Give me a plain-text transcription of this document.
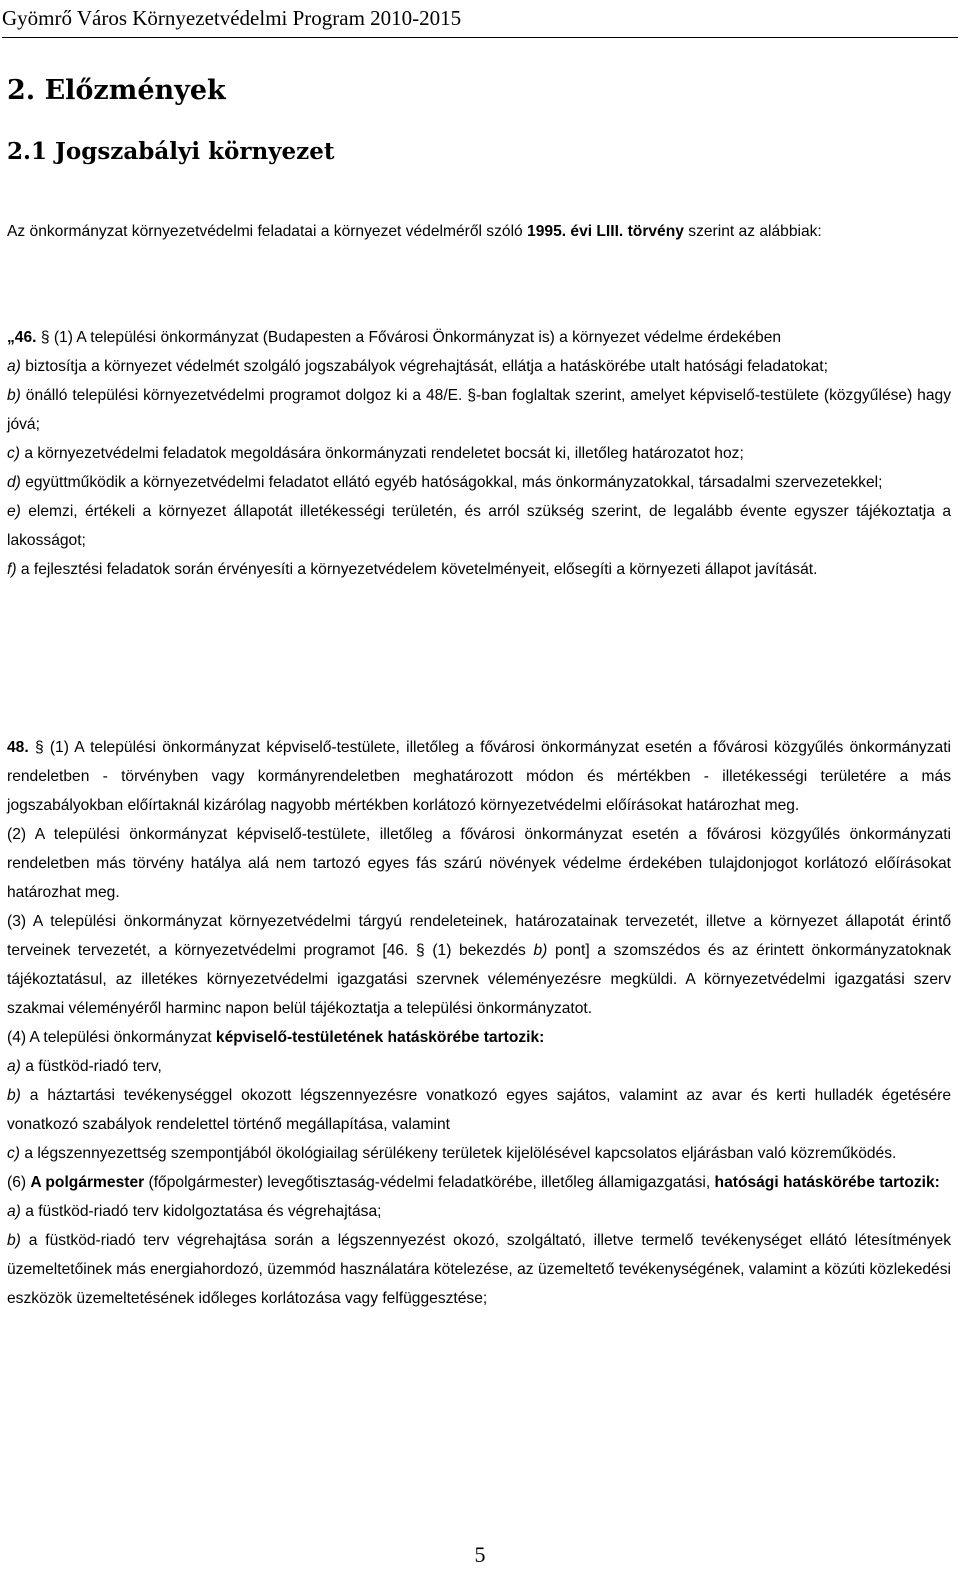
Gyömrő Város Környezetvédelmi Program 2010-2015
2. Előzmények
2.1 Jogszabályi környezet
Az önkormányzat környezetvédelmi feladatai a környezet védelméről szóló 1995. évi LIII. törvény szerint az alábbiak:

„46. § (1) A települési önkormányzat (Budapesten a Fővárosi Önkormányzat is) a környezet védelme érdekében

a) biztosítja a környezet védelmét szolgáló jogszabályok végrehajtását, ellátja a hatáskörébe utalt hatósági feladatokat;

b) önálló települési környezetvédelmi programot dolgoz ki a 48/E. §-ban foglaltak szerint, amelyet képviselő-testülete (közgyűlése) hagy jóvá;

c) a környezetvédelmi feladatok megoldására önkormányzati rendeletet bocsát ki, illetőleg határozatot hoz;

d) együttműködik a környezetvédelmi feladatot ellátó egyéb hatóságokkal, más önkormányzatokkal, társadalmi szervezetekkel;

e) elemzi, értékeli a környezet állapotát illetékességi területén, és arról szükség szerint, de legalább évente egyszer tájékoztatja a lakosságot;

f) a fejlesztési feladatok során érvényesíti a környezetvédelem követelményeit, elősegíti a környezeti állapot javítását.

48. § (1) A települési önkormányzat képviselő-testülete, illetőleg a fővárosi önkormányzat esetén a fővárosi közgyűlés önkormányzati rendeletben - törvényben vagy kormányrendeletben meghatározott módon és mértékben - illetékességi területére a más jogszabályokban előírtaknál kizárólag nagyobb mértékben korlátozó környezetvédelmi előírásokat határozhat meg.

(2) A települési önkormányzat képviselő-testülete, illetőleg a fővárosi önkormányzat esetén a fővárosi közgyűlés önkormányzati rendeletben más törvény hatálya alá nem tartozó egyes fás szárú növények védelme érdekében tulajdonjogot korlátozó előírásokat határozhat meg.

(3) A települési önkormányzat környezetvédelmi tárgyú rendeleteinek, határozatainak tervezetét, illetve a környezet állapotát érintő terveinek tervezetét, a környezetvédelmi programot [46. § (1) bekezdés b) pont] a szomszédos és az érintett önkormányzatoknak tájékoztatásul, az illetékes környezetvédelmi igazgatási szervnek véleményezésre megküldi. A környezetvédelmi igazgatási szerv szakmai véleményéről harminc napon belül tájékoztatja a települési önkormányzatot.

(4) A települési önkormányzat képviselő-testületének hatáskörébe tartozik:

a) a füstköd-riadó terv,

b) a háztartási tevékenységgel okozott légszennyezésre vonatkozó egyes sajátos, valamint az avar és kerti hulladék égetésére vonatkozó szabályok rendelettel történő megállapítása, valamint

c) a légszennyezettség szempontjából ökológiailag sérülékeny területek kijelölésével kapcsolatos eljárásban való közreműködés.

(6) A polgármester (főpolgármester) levegőtisztaság-védelmi feladatkörébe, illetőleg államigazgatási, hatósági hatáskörébe tartozik:

a) a füstköd-riadó terv kidolgoztatása és végrehajtása;

b) a füstköd-riadó terv végrehajtása során a légszennyezést okozó, szolgáltató, illetve termelő tevékenységet ellátó létesítmények üzemeltetőinek más energiahordozó, üzemmód használatára kötelezése, az üzemeltető tevékenységének, valamint a közúti közlekedési eszközök üzemeltetésének időleges korlátozása vagy felfüggesztése;

5
